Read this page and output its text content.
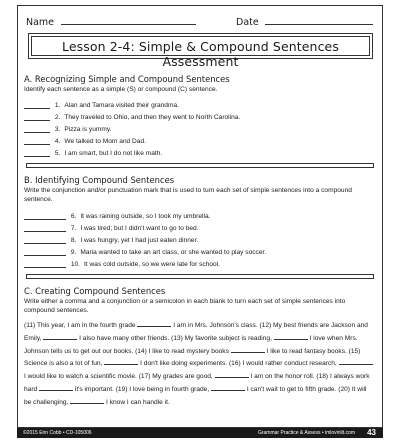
Name	Date
Lesson 2-4: Simple & Compound Sentences Assessment
A. Recognizing Simple and Compound Sentences
Identify each sentence as a simple (S) or compound (C) sentence.
1. Alan and Tamara visited their grandma.
2. They traveled to Ohio, and then they went to North Carolina.
3. Pizza is yummy.
4. We talked to Mom and Dad.
5. I am smart, but I do not like math.
B. Identifying Compound Sentences
Write the conjunction and/or punctuation mark that is used to turn each set of simple sentences into a compound sentence.
6. It was raining outside, so I took my umbrella.
7. I was tired; but I didn't want to go to bed.
8. I was hungry, yet I had just eaten dinner.
9. Maria wanted to take an art class, or she wanted to play soccer.
10. It was cold outside, so we were late for school.
C. Creating Compound Sentences
Write either a comma and a conjunction or a semicolon in each blank to turn each set of simple sentences into compound sentences.
(11) This year, I am in the fourth grade	I am in Mrs. Johnson's class. (12) My best friends are Jackson and Emily,	I also have many other friends. (13) My favorite subject is reading,	I love when Mrs. Johnson tells us to get out our books. (14) I like to read mystery books	I like to read fantasy books. (15) Science is also a lot of fun,	I don't like doing experiments. (16) I would rather conduct research,  I would like to watch a scientific movie. (17) My grades are good,	I am on the honor roll. (18) I always work hard	it's important. (19) I love being in fourth grade,	I can't wait to get to fifth grade. (20) It will be challenging,	I know I can handle it.
©2015 Erin Cobb • CD-105006	Grammar Practice & Assess • imlovinlit.com 43
